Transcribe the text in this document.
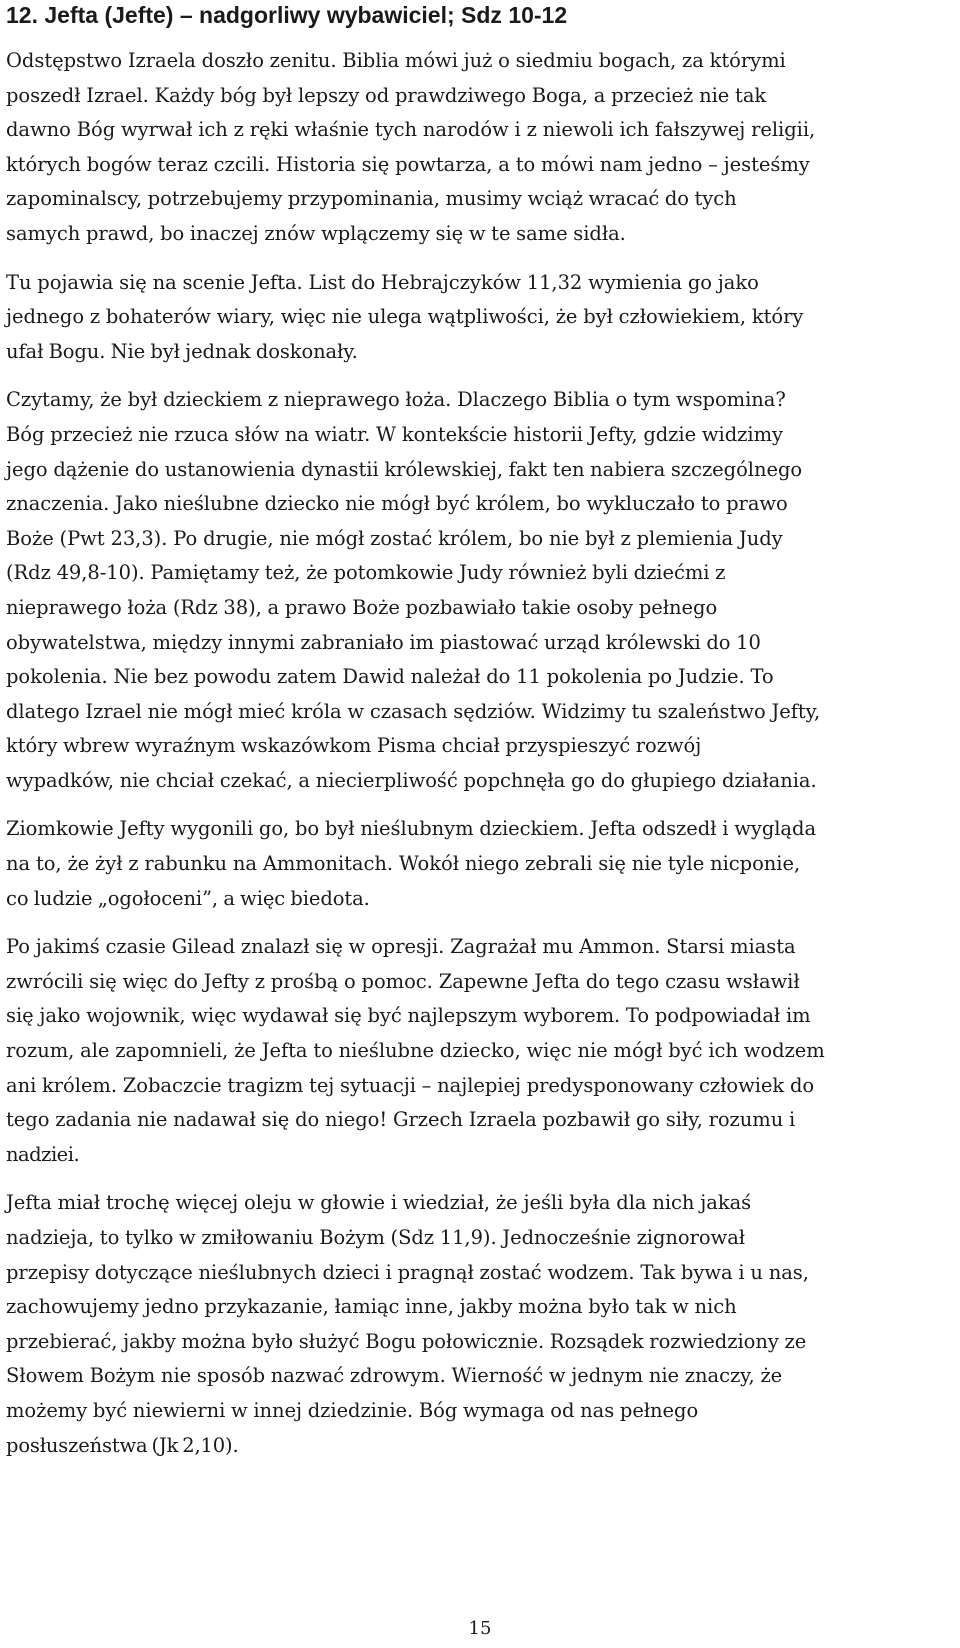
12. Jefta (Jefte) – nadgorliwy wybawiciel; Sdz 10-12
Odstępstwo Izraela doszło zenitu. Biblia mówi już o siedmiu bogach, za którymi
poszedł Izrael. Każdy bóg był lepszy od prawdziwego Boga, a przecież nie tak
dawno Bóg wyrwał ich z ręki właśnie tych narodów i z niewoli ich fałszywej religii,
których bogów teraz czcili. Historia się powtarza, a to mówi nam jedno – jesteśmy
zapominalscy, potrzebujemy przypominania, musimy wciąż wracać do tych
samych prawd, bo inaczej znów wplączemy się w te same sidła.
Tu pojawia się na scenie Jefta. List do Hebrajczyków 11,32 wymienia go jako
jednego z bohaterów wiary, więc nie ulega wątpliwości, że był człowiekiem, który
ufał Bogu. Nie był jednak doskonały.
Czytamy, że był dzieckiem z nieprawego łoża. Dlaczego Biblia o tym wspomina?
Bóg przecież nie rzuca słów na wiatr. W kontekście historii Jefty, gdzie widzimy
jego dążenie do ustanowienia dynastii królewskiej, fakt ten nabiera szczególnego
znaczenia. Jako nieślubne dziecko nie mógł być królem, bo wykluczało to prawo
Boże (Pwt 23,3). Po drugie, nie mógł zostać królem, bo nie był z plemienia Judy
(Rdz 49,8-10). Pamiętamy też, że potomkowie Judy również byli dziećmi z
nieprawego łoża (Rdz 38), a prawo Boże pozbawiało takie osoby pełnego
obywatelstwa, między innymi zabraniało im piastować urząd królewski do 10
pokolenia. Nie bez powodu zatem Dawid należał do 11 pokolenia po Judzie. To
dlatego Izrael nie mógł mieć króla w czasach sędziów. Widzimy tu szaleństwo Jefty,
który wbrew wyraźnym wskazówkom Pisma chciał przyspieszyć rozwój
wypadków, nie chciał czekać, a niecierpliwość popchnęła go do głupiego działania.
Ziomkowie Jefty wygonili go, bo był nieślubnym dzieckiem. Jefta odszedł i wygląda
na to, że żył z rabunku na Ammonitach. Wokół niego zebrali się nie tyle nicponie,
co ludzie „ogołoceni”, a więc biedota.
Po jakimś czasie Gilead znalazł się w opresji. Zagrażał mu Ammon. Starsi miasta
zwrócili się więc do Jefty z prośbą o pomoc. Zapewne Jefta do tego czasu wsławił
się jako wojownik, więc wydawał się być najlepszym wyborem. To podpowiadał im
rozum, ale zapomnieli, że Jefta to nieślubne dziecko, więc nie mógł być ich wodzem
ani królem. Zobaczcie tragizm tej sytuacji – najlepiej predysponowany człowiek do
tego zadania nie nadawał się do niego! Grzech Izraela pozbawił go siły, rozumu i
nadziei.
Jefta miał trochę więcej oleju w głowie i wiedział, że jeśli była dla nich jakaś
nadzieja, to tylko w zmiłowaniu Bożym (Sdz 11,9). Jednocześnie zignorował
przepisy dotyczące nieślubnych dzieci i pragnął zostać wodzem. Tak bywa i u nas,
zachowujemy jedno przykazanie, łamiąc inne, jakby można było tak w nich
przebierać, jakby można było służyć Bogu połowicznie. Rozsądek rozwiedziony ze
Słowem Bożym nie sposób nazwać zdrowym. Wierność w jednym nie znaczy, że
możemy być niewierni w innej dziedzinie. Bóg wymaga od nas pełnego
posłuszeństwa (Jk 2,10).
15
